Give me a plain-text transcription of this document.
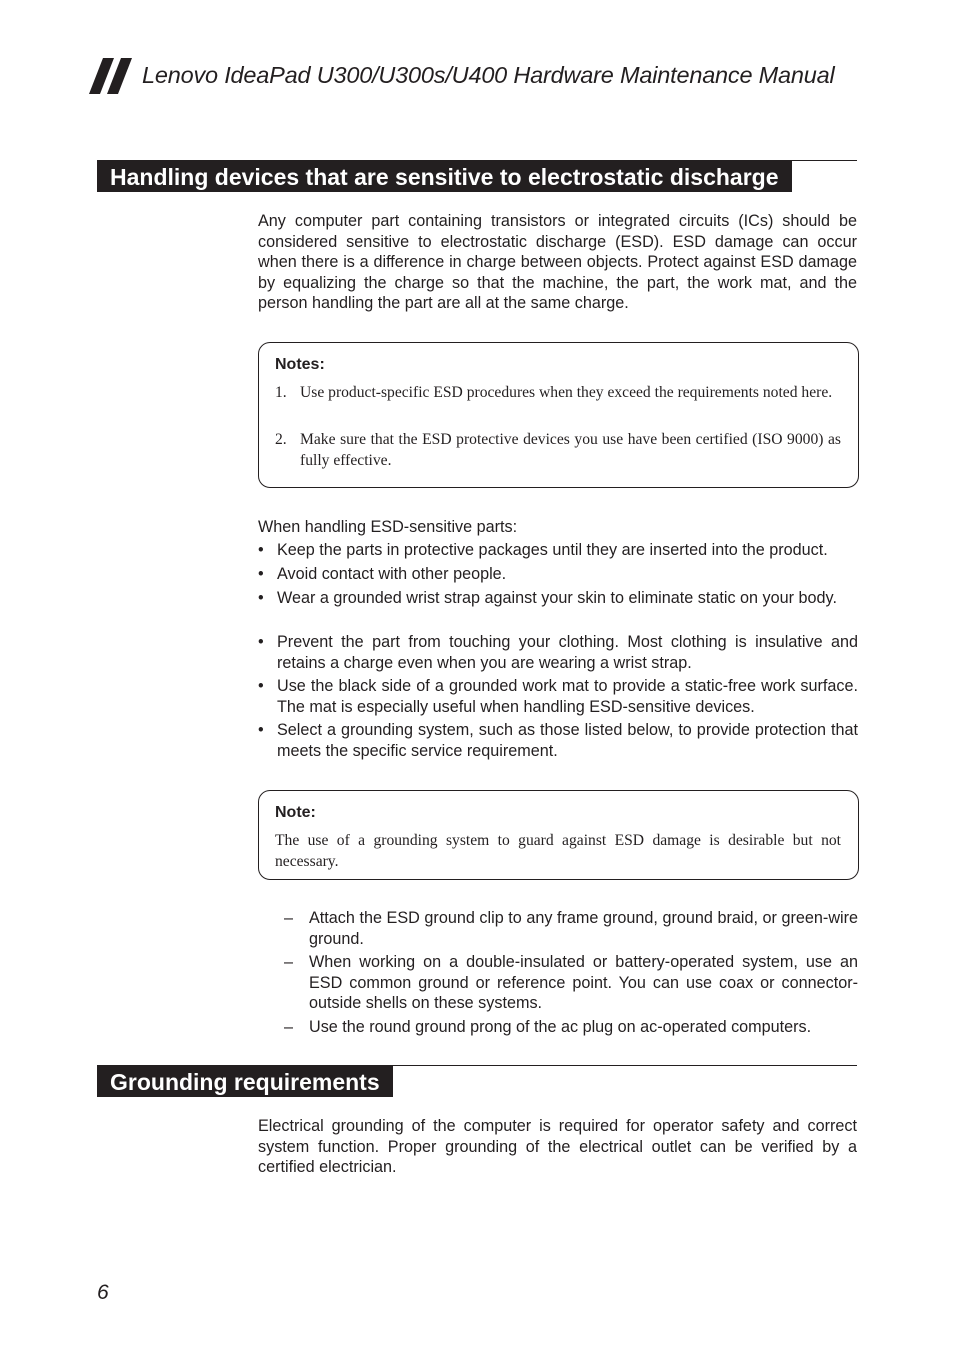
Lenovo IdeaPad U300/U300s/U400 Hardware Maintenance Manual
Handling devices that are sensitive to electrostatic discharge
Any computer part containing transistors or integrated circuits (ICs) should be considered sensitive to electrostatic discharge (ESD). ESD damage can occur when there is a difference in charge between objects. Protect against ESD damage by equalizing the charge so that the machine, the part, the work mat, and the person handling the part are all at the same charge.
Notes:
1. Use product-specific ESD procedures when they exceed the requirements noted here.
2. Make sure that the ESD protective devices you use have been certified (ISO 9000) as fully effective.
When handling ESD-sensitive parts:
• Keep the parts in protective packages until they are inserted into the product.
• Avoid contact with other people.
• Wear a grounded wrist strap against your skin to eliminate static on your body.
• Prevent the part from touching your clothing. Most clothing is insulative and retains a charge even when you are wearing a wrist strap.
• Use the black side of a grounded work mat to provide a static-free work surface. The mat is especially useful when handling ESD-sensitive devices.
• Select a grounding system, such as those listed below, to provide protection that meets the specific service requirement.
Note:
The use of a grounding system to guard against ESD damage is desirable but not necessary.
– Attach the ESD ground clip to any frame ground, ground braid, or green-wire ground.
– When working on a double-insulated or battery-operated system, use an ESD common ground or reference point. You can use coax or connector-outside shells on these systems.
– Use the round ground prong of the ac plug on ac-operated computers.
Grounding requirements
Electrical grounding of the computer is required for operator safety and correct system function. Proper grounding of the electrical outlet can be verified by a certified electrician.
6
